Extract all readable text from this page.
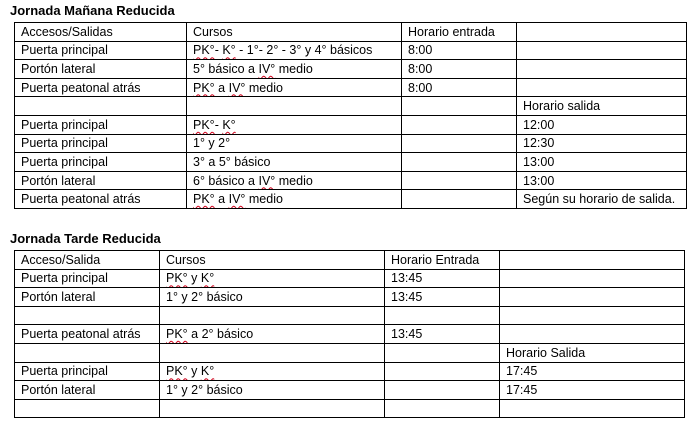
Jornada Mañana Reducida
Accesos/Salidas	Cursos	Horario entrada	
Puerta principal	PK°- K° - 1°- 2° - 3° y 4° básicos	8:00	
Portón lateral	5° básico a IV° medio	8:00	
Puerta peatonal atrás	PK° a IV° medio	8:00	
			Horario salida
Puerta principal	PK°- K°		12:00
Puerta principal	1° y 2°		12:30
Puerta principal	3° a 5° básico		13:00
Portón lateral	6° básico a IV° medio		13:00
Puerta peatonal atrás	PK° a IV° medio		Según su horario de salida.
Jornada Tarde Reducida
Acceso/Salida	Cursos	Horario Entrada	
Puerta principal	PK° y K°	13:45	
Portón lateral	1° y 2° básico	13:45	

Puerta peatonal atrás	PK° a 2° básico	13:45	
			Horario Salida
Puerta principal	PK° y K°		17:45
Portón lateral	1° y 2° básico		17:45
